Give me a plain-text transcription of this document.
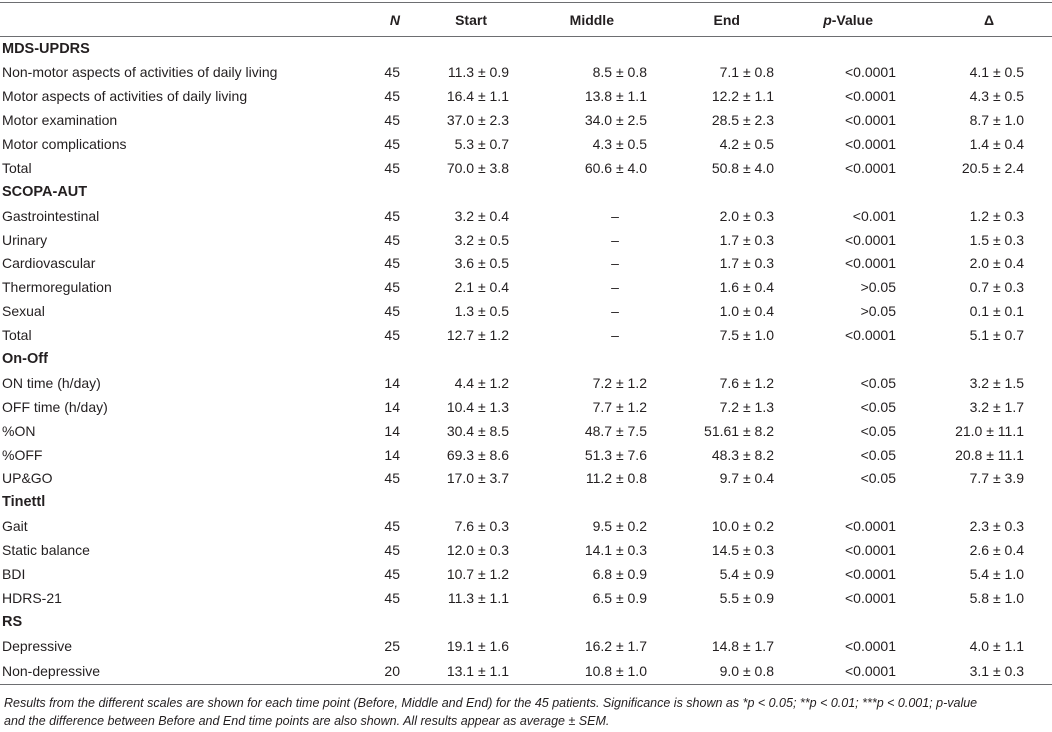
	N	Start	Middle	End	p-Value	Δ
MDS-UPDRS						
Non-motor aspects of activities of daily living	45	11.3 ± 0.9	8.5 ± 0.8	7.1 ± 0.8	<0.0001	4.1 ± 0.5
Motor aspects of activities of daily living	45	16.4 ± 1.1	13.8 ± 1.1	12.2 ± 1.1	<0.0001	4.3 ± 0.5
Motor examination	45	37.0 ± 2.3	34.0 ± 2.5	28.5 ± 2.3	<0.0001	8.7 ± 1.0
Motor complications	45	5.3 ± 0.7	4.3 ± 0.5	4.2 ± 0.5	<0.0001	1.4 ± 0.4
Total	45	70.0 ± 3.8	60.6 ± 4.0	50.8 ± 4.0	<0.0001	20.5 ± 2.4
SCOPA-AUT						
Gastrointestinal	45	3.2 ± 0.4	–	2.0 ± 0.3	<0.001	1.2 ± 0.3
Urinary	45	3.2 ± 0.5	–	1.7 ± 0.3	<0.0001	1.5 ± 0.3
Cardiovascular	45	3.6 ± 0.5	–	1.7 ± 0.3	<0.0001	2.0 ± 0.4
Thermoregulation	45	2.1 ± 0.4	–	1.6 ± 0.4	>0.05	0.7 ± 0.3
Sexual	45	1.3 ± 0.5	–	1.0 ± 0.4	>0.05	0.1 ± 0.1
Total	45	12.7 ± 1.2	–	7.5 ± 1.0	<0.0001	5.1 ± 0.7
On-Off						
ON time (h/day)	14	4.4 ± 1.2	7.2 ± 1.2	7.6 ± 1.2	<0.05	3.2 ± 1.5
OFF time (h/day)	14	10.4 ± 1.3	7.7 ± 1.2	7.2 ± 1.3	<0.05	3.2 ± 1.7
%ON	14	30.4 ± 8.5	48.7 ± 7.5	51.61 ± 8.2	<0.05	21.0 ± 11.1
%OFF	14	69.3 ± 8.6	51.3 ± 7.6	48.3 ± 8.2	<0.05	20.8 ± 11.1
UP&GO	45	17.0 ± 3.7	11.2 ± 0.8	9.7 ± 0.4	<0.05	7.7 ± 3.9
Tinettl						
Gait	45	7.6 ± 0.3	9.5 ± 0.2	10.0 ± 0.2	<0.0001	2.3 ± 0.3
Static balance	45	12.0 ± 0.3	14.1 ± 0.3	14.5 ± 0.3	<0.0001	2.6 ± 0.4
BDI	45	10.7 ± 1.2	6.8 ± 0.9	5.4 ± 0.9	<0.0001	5.4 ± 1.0
HDRS-21	45	11.3 ± 1.1	6.5 ± 0.9	5.5 ± 0.9	<0.0001	5.8 ± 1.0
RS						
Depressive	25	19.1 ± 1.6	16.2 ± 1.7	14.8 ± 1.7	<0.0001	4.0 ± 1.1
Non-depressive	20	13.1 ± 1.1	10.8 ± 1.0	9.0 ± 0.8	<0.0001	3.1 ± 0.3
Results from the different scales are shown for each time point (Before, Middle and End) for the 45 patients. Significance is shown as *p < 0.05; **p < 0.01; ***p < 0.001; p-value
and the difference between Before and End time points are also shown. All results appear as average ± SEM.
